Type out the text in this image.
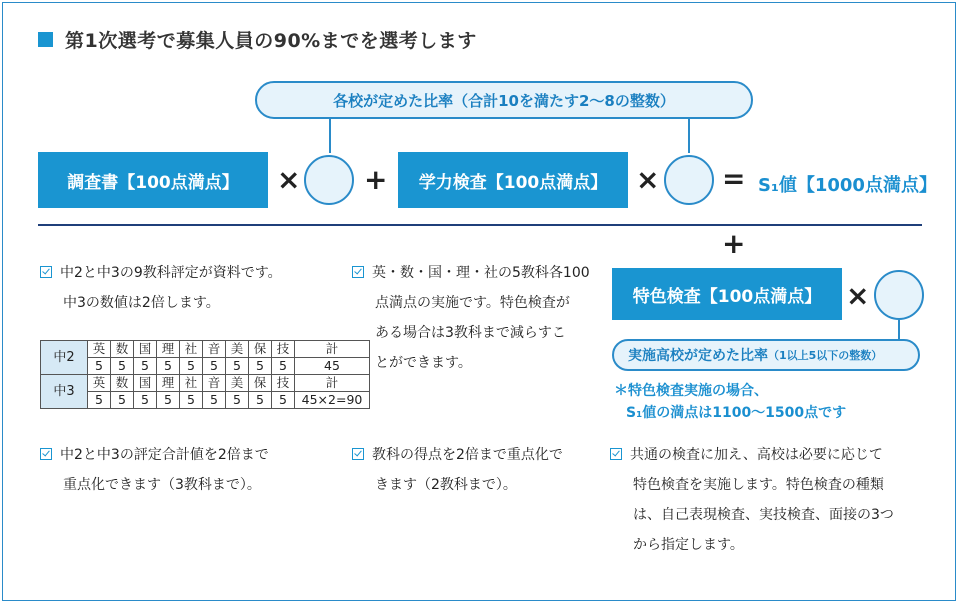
第1次選考で募集人員の90%までを選考します
各校が定めた比率（合計10を満たす2〜8の整数）
調査書【100点満点】	× +	学力検査【100点満点】	× = S₁値【1000点満点】
+
特色検査【100点満点】 ×
実施高校が定めた比率 （1以上5以下の整数）
＊特色検査実施の場合、
S₁値の満点は1100〜1500点です
中2と中3の9教科評定が資料です。
中3の数値は2倍します。
中2	英	数	国	理	社	音	美	保	技	計
	5	5	5	5	5	5	5	5	5	45
中3	英	数	国	理	社	音	美	保	技	計
	5	5	5	5	5	5	5	5	5	45×2=90
中2と中3の評定合計値を2倍まで
重点化できます（3教科まで）。
英・数・国・理・社の5教科各100
点満点の実施です。特色検査が
ある場合は3教科まで減らすこ
とができます。
教科の得点を2倍まで重点化で
きます（2教科まで）。
共通の検査に加え、高校は必要に応じて
特色検査を実施します。特色検査の種類
は、自己表現検査、実技検査、面接の3つ
から指定します。
